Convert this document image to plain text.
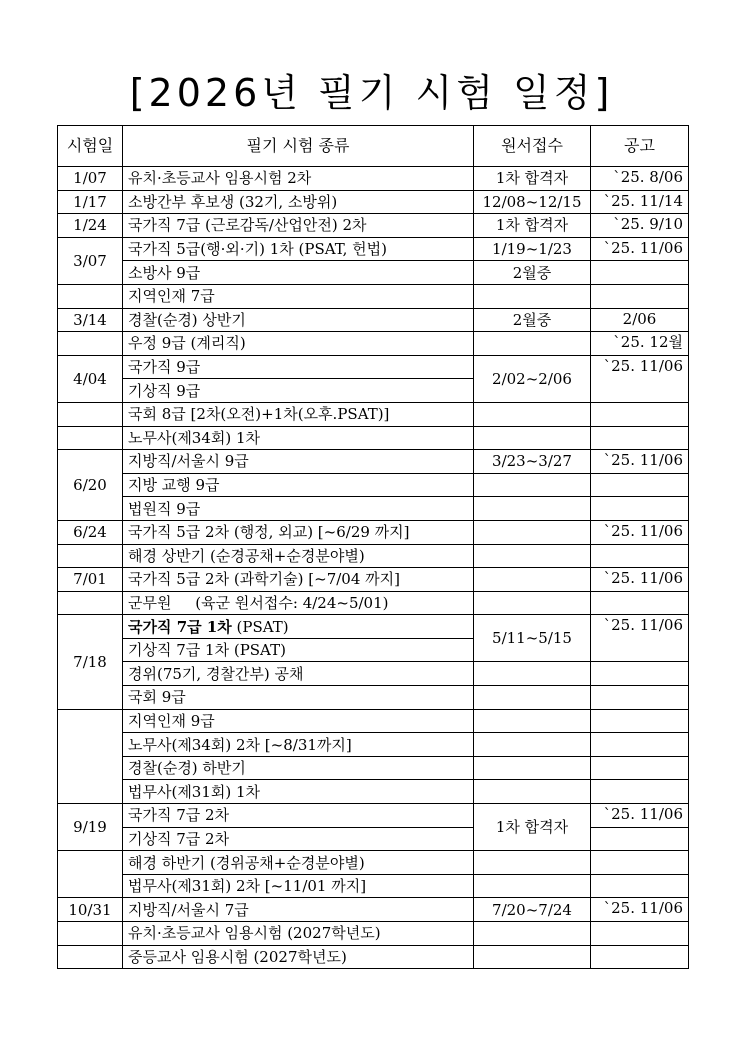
[2026년 필기 시험 일정]
시험일	필기 시험 종류	원서접수	공고
1/07	유치·초등교사 임용시험 2차	1차 합격자	`25. 8/06
1/17	소방간부 후보생 (32기, 소방위)	12/08~12/15	`25. 11/14
1/24	국가직 7급 (근로감독/산업안전) 2차	1차 합격자	`25. 9/10
3/07	국가직 5급(행·외·기) 1차 (PSAT, 헌법)	1/19~1/23	`25. 11/06
	소방사 9급	2월중	
	지역인재 7급		
3/14	경찰(순경) 상반기	2월중	2/06
	우정 9급 (계리직)		`25. 12월
4/04	국가직 9급	2/02~2/06	`25. 11/06
	기상직 9급		
	국회 8급 [2차(오전)+1차(오후.PSAT)]		
	노무사(제34회) 1차		
6/20	지방직/서울시 9급	3/23~3/27	`25. 11/06
	지방 교행 9급		
	법원직 9급		
6/24	국가직 5급 2차 (행정, 외교) [~6/29 까지]		`25. 11/06
	해경 상반기 (순경공채+순경분야별)		
7/01	국가직 5급 2차 (과학기술) [~7/04 까지]		`25. 11/06
	군무원     (육군 원서접수: 4/24~5/01)		
7/18	국가직 7급 1차 (PSAT)	5/11~5/15	`25. 11/06
	기상직 7급 1차 (PSAT)		
	경위(75기, 경찰간부) 공채		
	국회 9급		
	지역인재 9급		
	노무사(제34회) 2차 [~8/31까지]		
	경찰(순경) 하반기		
	법무사(제31회) 1차		
9/19	국가직 7급 2차	1차 합격자	`25. 11/06
	기상직 7급 2차		
	해경 하반기 (경위공채+순경분야별)		
	법무사(제31회) 2차 [~11/01 까지]		
10/31	지방직/서울시 7급	7/20~7/24	`25. 11/06
	유치·초등교사 임용시험 (2027학년도)		
	중등교사 임용시험 (2027학년도)		
